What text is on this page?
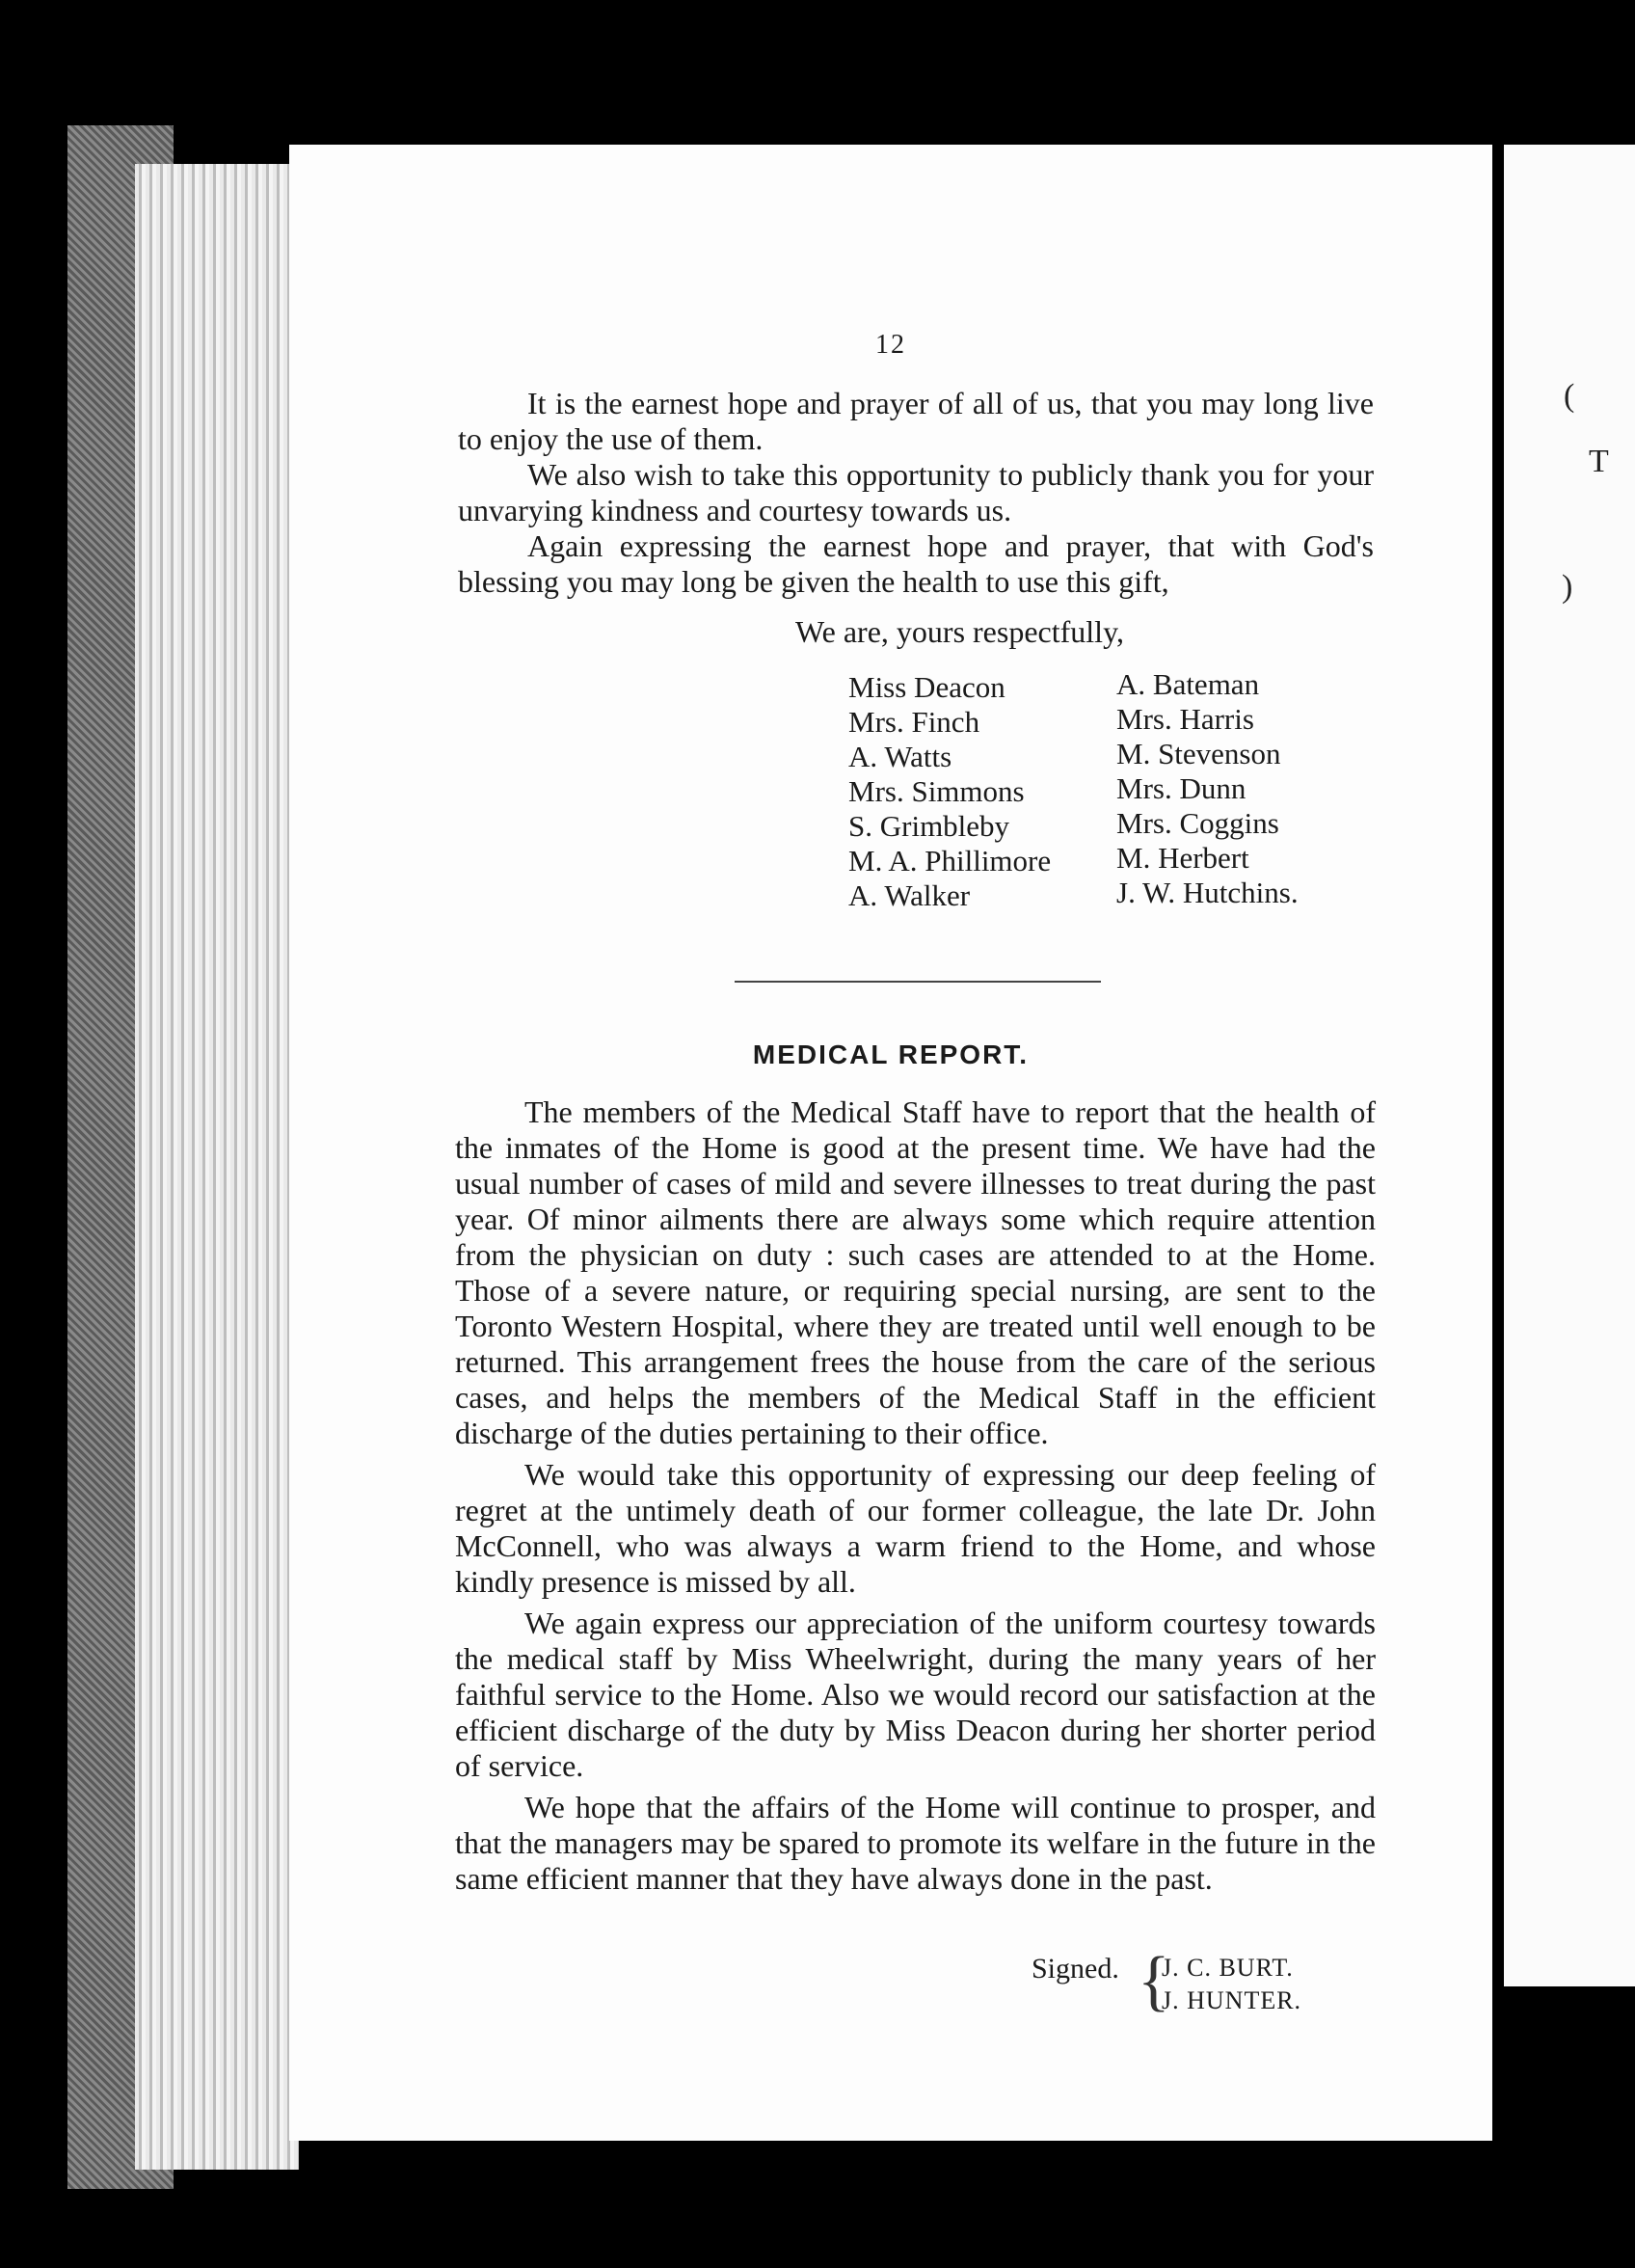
T
(
)
12

It is the earnest hope and prayer of all of us, that you may long live to enjoy the use of them.

We also wish to take this opportunity to publicly thank you for your unvarying kindness and courtesy towards us.

Again expressing the earnest hope and prayer, that with God's blessing you may long be given the health to use this gift,

We are, yours respectfully,
Miss Deacon
Mrs. Finch
A. Watts
Mrs. Simmons
S. Grimbleby
M. A. Phillimore
A. Walker
A. Bateman
Mrs. Harris
M. Stevenson
Mrs. Dunn
Mrs. Coggins
M. Herbert
J. W. Hutchins.
MEDICAL REPORT.

The members of the Medical Staff have to report that the health of the inmates of the Home is good at the present time. We have had the usual number of cases of mild and severe illnesses to treat during the past year. Of minor ailments there are always some which require attention from the physician on duty : such cases are attended to at the Home. Those of a severe nature, or requiring special nursing, are sent to the Toronto Western Hospital, where they are treated until well enough to be returned. This arrangement frees the house from the care of the serious cases, and helps the members of the Medical Staff in the efficient discharge of the duties pertaining to their office.

We would take this opportunity of expressing our deep feeling of regret at the untimely death of our former colleague, the late Dr. John McConnell, who was always a warm friend to the Home, and whose kindly presence is missed by all.

We again express our appreciation of the uniform courtesy towards the medical staff by Miss Wheelwright, during the many years of her faithful service to the Home. Also we would record our satisfaction at the efficient discharge of the duty by Miss Deacon during her shorter period of service.

We hope that the affairs of the Home will continue to prosper, and that the managers may be spared to promote its welfare in the future in the same efficient manner that they have always done in the past.

Signed. {
J. C. BURT.
J. HUNTER.
